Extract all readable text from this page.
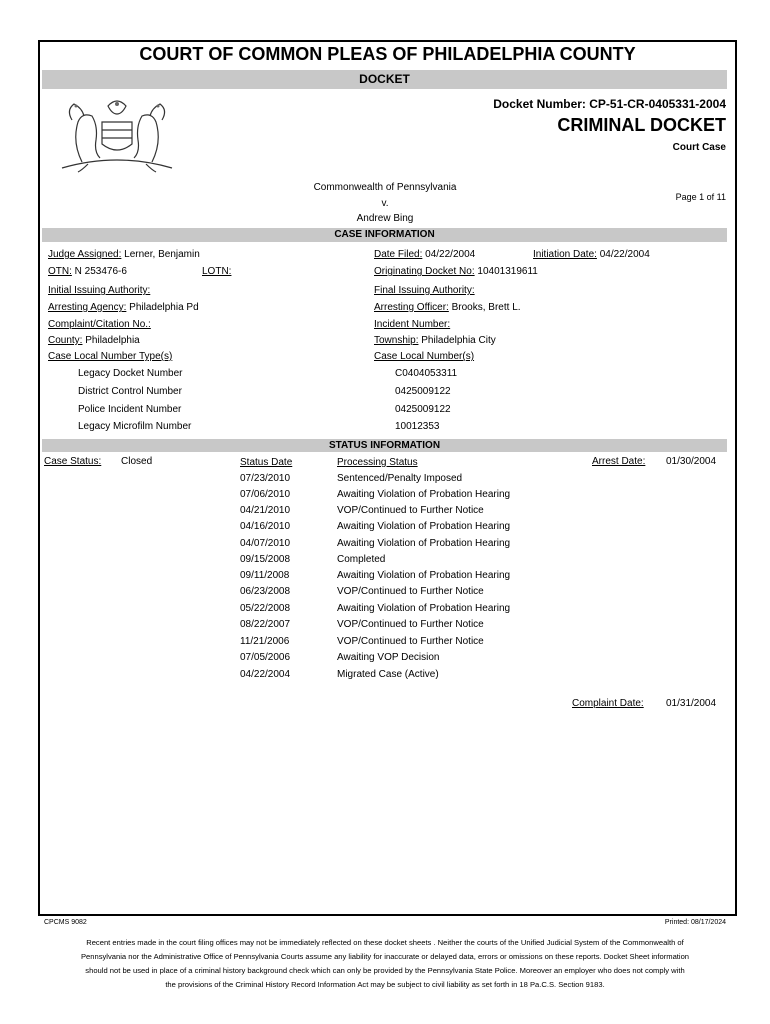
COURT OF COMMON PLEAS OF PHILADELPHIA COUNTY
DOCKET
Docket Number: CP-51-CR-0405331-2004
CRIMINAL DOCKET
Court Case
Commonwealth of Pennsylvania
v.
Andrew Bing
Page 1 of 11
CASE INFORMATION
Judge Assigned: Lerner, Benjamin	Date Filed: 04/22/2004	Initiation Date: 04/22/2004
OTN: N 253476-6	LOTN:	Originating Docket No: 10401319611
Initial Issuing Authority:	Final Issuing Authority:
Arresting Agency: Philadelphia Pd	Arresting Officer: Brooks, Brett L.
Complaint/Citation No.:	Incident Number:
County: Philadelphia	Township: Philadelphia City
Case Local Number Type(s)	Case Local Number(s)
Legacy Docket Number	C0404053311
District Control Number	0425009122
Police Incident Number	0425009122
Legacy Microfilm Number	10012353
STATUS INFORMATION
Case Status: Closed	Status Date	Processing Status	Arrest Date: 01/30/2004
07/23/2010	Sentenced/Penalty Imposed
07/06/2010	Awaiting Violation of Probation Hearing
04/21/2010	VOP/Continued to Further Notice
04/16/2010	Awaiting Violation of Probation Hearing
04/07/2010	Awaiting Violation of Probation Hearing
09/15/2008	Completed
09/11/2008	Awaiting Violation of Probation Hearing
06/23/2008	VOP/Continued to Further Notice
05/22/2008	Awaiting Violation of Probation Hearing
08/22/2007	VOP/Continued to Further Notice
11/21/2006	VOP/Continued to Further Notice
07/05/2006	Awaiting VOP Decision
04/22/2004	Migrated Case (Active)
Complaint Date: 01/31/2004
CPCMS 9082	Printed: 08/17/2024
Recent entries made in the court filing offices may not be immediately reflected on these docket sheets . Neither the courts of the Unified Judicial System of the Commonwealth of Pennsylvania nor the Administrative Office of Pennsylvania Courts assume any liability for inaccurate or delayed data, errors or omissions on these reports. Docket Sheet information should not be used in place of a criminal history background check which can only be provided by the Pennsylvania State Police. Moreover an employer who does not comply with the provisions of the Criminal History Record Information Act may be subject to civil liability as set forth in 18 Pa.C.S. Section 9183.
